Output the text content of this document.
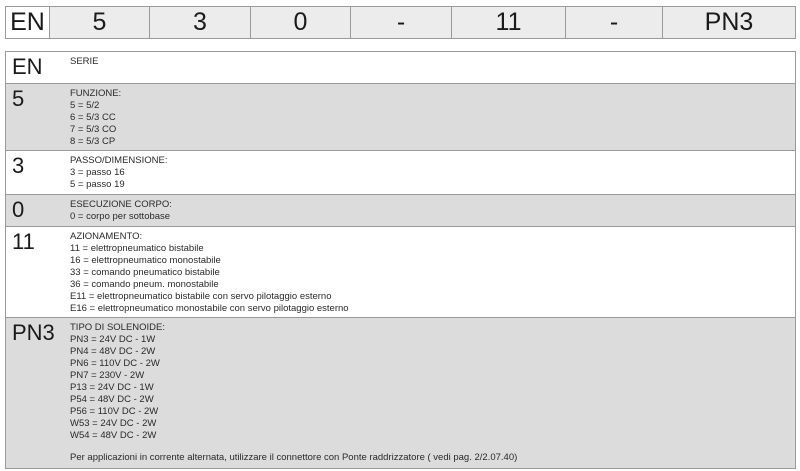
EN	5	3	0	-	11	-	PN3
EN	SERIE
5	FUNZIONE:
5 = 5/2
6 = 5/3 CC
7 = 5/3 CO
8 = 5/3 CP
3	PASSO/DIMENSIONE:
3 = passo 16
5 = passo 19
0	ESECUZIONE CORPO:
0 = corpo per sottobase
11	AZIONAMENTO:
11 = elettropneumatico bistabile
16 = elettropneumatico monostabile
33 = comando pneumatico bistabile
36 = comando pneum. monostabile
E11 = elettropneumatico bistabile con servo pilotaggio esterno
E16 = elettropneumatico monostabile con servo pilotaggio esterno
PN3	TIPO DI SOLENOIDE:
PN3 = 24V DC - 1W
PN4 = 48V DC - 2W
PN6 = 110V DC - 2W
PN7 = 230V - 2W
P13 = 24V DC - 1W
P54 = 48V DC - 2W
P56 = 110V DC - 2W
W53 = 24V DC - 2W
W54 = 48V DC - 2W
Per applicazioni in corrente alternata, utilizzare il connettore con Ponte raddrizzatore ( vedi pag. 2/2.07.40)
